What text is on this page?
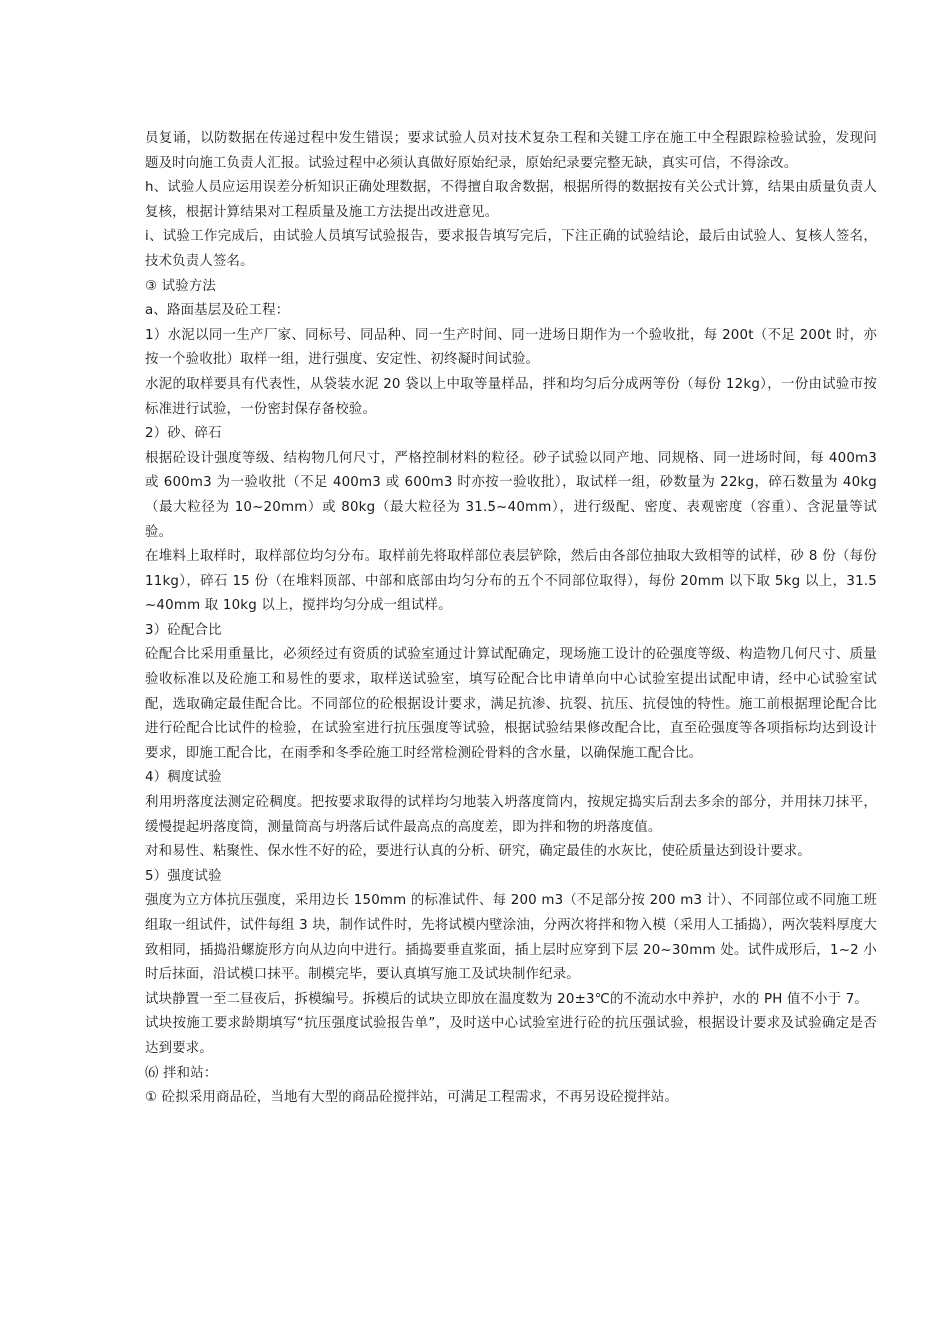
员复诵，以防数据在传递过程中发生错误；要求试验人员对技术复杂工程和关键工序在施工中全程跟踪检验试验，发现问题及时向施工负责人汇报。试验过程中必须认真做好原始纪录，原始纪录要完整无缺，真实可信，不得涂改。

h、试验人员应运用误差分析知识正确处理数据，不得擅自取舍数据，根据所得的数据按有关公式计算，结果由质量负责人复核，根据计算结果对工程质量及施工方法提出改进意见。

i、试验工作完成后，由试验人员填写试验报告，要求报告填写完后，下注正确的试验结论，最后由试验人、复核人签名，技术负责人签名。

③ 试验方法

a、路面基层及砼工程：

1）水泥以同一生产厂家、同标号、同品种、同一生产时间、同一进场日期作为一个验收批，每 200t（不足 200t 时，亦按一个验收批）取样一组，进行强度、安定性、初终凝时间试验。

水泥的取样要具有代表性，从袋装水泥 20 袋以上中取等量样品，拌和均匀后分成两等份（每份 12kg），一份由试验市按标准进行试验，一份密封保存备校验。

2）砂、碎石

根据砼设计强度等级、结构物几何尺寸，严格控制材料的粒径。砂子试验以同产地、同规格、同一进场时间，每 400m3 或 600m3 为一验收批（不足 400m3 或 600m3 时亦按一验收批），取试样一组，砂数量为 22kg，碎石数量为 40kg（最大粒径为 10~20mm）或 80kg（最大粒径为 31.5~40mm），进行级配、密度、表观密度（容重）、含泥量等试验。

在堆料上取样时，取样部位均匀分布。取样前先将取样部位表层铲除，然后由各部位抽取大致相等的试样，砂 8 份（每份 11kg），碎石 15 份（在堆料顶部、中部和底部由均匀分布的五个不同部位取得），每份 20mm 以下取 5kg 以上，31.5~40mm 取 10kg 以上，搅拌均匀分成一组试样。

3）砼配合比

砼配合比采用重量比，必须经过有资质的试验室通过计算试配确定，现场施工设计的砼强度等级、构造物几何尺寸、质量验收标准以及砼施工和易性的要求，取样送试验室，填写砼配合比申请单向中心试验室提出试配申请，经中心试验室试配，选取确定最佳配合比。不同部位的砼根据设计要求，满足抗渗、抗裂、抗压、抗侵蚀的特性。施工前根据理论配合比进行砼配合比试件的检验，在试验室进行抗压强度等试验，根据试验结果修改配合比，直至砼强度等各项指标均达到设计要求，即施工配合比，在雨季和冬季砼施工时经常检测砼骨料的含水量，以确保施工配合比。

4）稠度试验

利用坍落度法测定砼稠度。把按要求取得的试样均匀地装入坍落度筒内，按规定捣实后刮去多余的部分，并用抹刀抹平，缓慢提起坍落度筒，测量筒高与坍落后试件最高点的高度差，即为拌和物的坍落度值。

对和易性、粘聚性、保水性不好的砼，要进行认真的分析、研究，确定最佳的水灰比，使砼质量达到设计要求。

5）强度试验

强度为立方体抗压强度，采用边长 150mm 的标准试件、每 200 m3（不足部分按 200 m3 计）、不同部位或不同施工班组取一组试件，试件每组 3 块，制作试件时，先将试模内壁涂油，分两次将拌和物入模（采用人工插捣），两次装料厚度大致相同，插捣沿螺旋形方向从边向中进行。插捣要垂直浆面，插上层时应穿到下层 20~30mm 处。试件成形后，1~2 小时后抹面，沿试模口抹平。制模完毕，要认真填写施工及试块制作纪录。

试块静置一至二昼夜后，拆模编号。拆模后的试块立即放在温度数为 20±3℃的不流动水中养护，水的 PH 值不小于 7。

试块按施工要求龄期填写“抗压强度试验报告单”，及时送中心试验室进行砼的抗压强试验，根据设计要求及试验确定是否达到要求。

⑹ 拌和站：

① 砼拟采用商品砼，当地有大型的商品砼搅拌站，可满足工程需求，不再另设砼搅拌站。
